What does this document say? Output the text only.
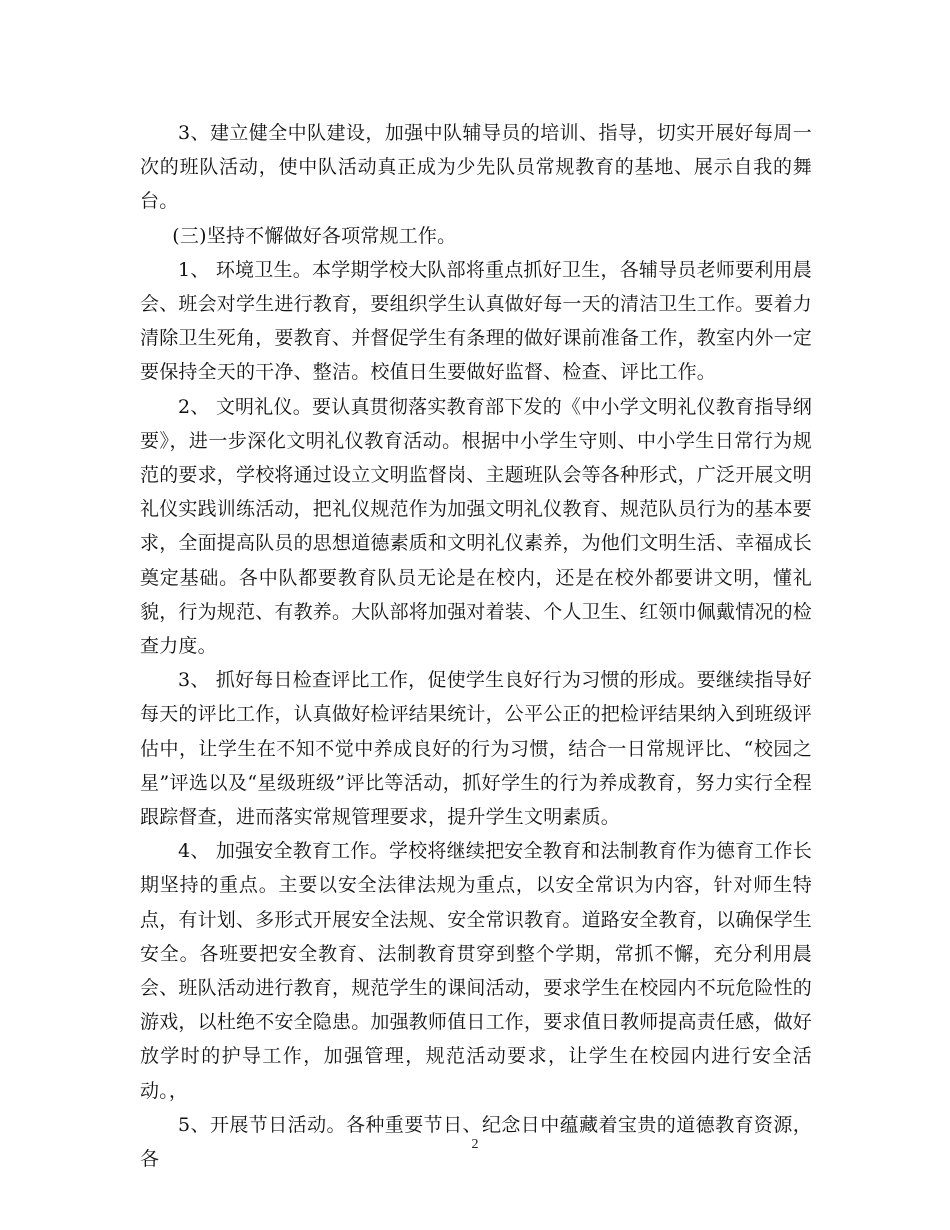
3、建立健全中队建设，加强中队辅导员的培训、指导，切实开展好每周一次的班队活动，使中队活动真正成为少先队员常规教育的基地、展示自我的舞台。

(三)坚持不懈做好各项常规工作。

1、 环境卫生。本学期学校大队部将重点抓好卫生，各辅导员老师要利用晨会、班会对学生进行教育，要组织学生认真做好每一天的清洁卫生工作。要着力清除卫生死角，要教育、并督促学生有条理的做好课前准备工作，教室内外一定要保持全天的干净、整洁。校值日生要做好监督、检查、评比工作。

2、 文明礼仪。要认真贯彻落实教育部下发的《中小学文明礼仪教育指导纲要》，进一步深化文明礼仪教育活动。根据中小学生守则、中小学生日常行为规范的要求，学校将通过设立文明监督岗、主题班队会等各种形式，广泛开展文明礼仪实践训练活动，把礼仪规范作为加强文明礼仪教育、规范队员行为的基本要求，全面提高队员的思想道德素质和文明礼仪素养，为他们文明生活、幸福成长奠定基础。各中队都要教育队员无论是在校内，还是在校外都要讲文明，懂礼貌，行为规范、有教养。大队部将加强对着装、个人卫生、红领巾佩戴情况的检查力度。

3、 抓好每日检查评比工作，促使学生良好行为习惯的形成。要继续指导好每天的评比工作，认真做好检评结果统计，公平公正的把检评结果纳入到班级评估中，让学生在不知不觉中养成良好的行为习惯，结合一日常规评比、“校园之星”评选以及“星级班级”评比等活动，抓好学生的行为养成教育，努力实行全程跟踪督查，进而落实常规管理要求，提升学生文明素质。

4、 加强安全教育工作。学校将继续把安全教育和法制教育作为德育工作长期坚持的重点。主要以安全法律法规为重点，以安全常识为内容，针对师生特点，有计划、多形式开展安全法规、安全常识教育。道路安全教育，以确保学生安全。各班要把安全教育、法制教育贯穿到整个学期，常抓不懈，充分利用晨会、班队活动进行教育，规范学生的课间活动，要求学生在校园内不玩危险性的游戏，以杜绝不安全隐患。加强教师值日工作，要求值日教师提高责任感，做好放学时的护导工作，加强管理，规范活动要求，让学生在校园内进行安全活动。，

5、开展节日活动。各种重要节日、纪念日中蕴藏着宝贵的道德教育资源，各

2
